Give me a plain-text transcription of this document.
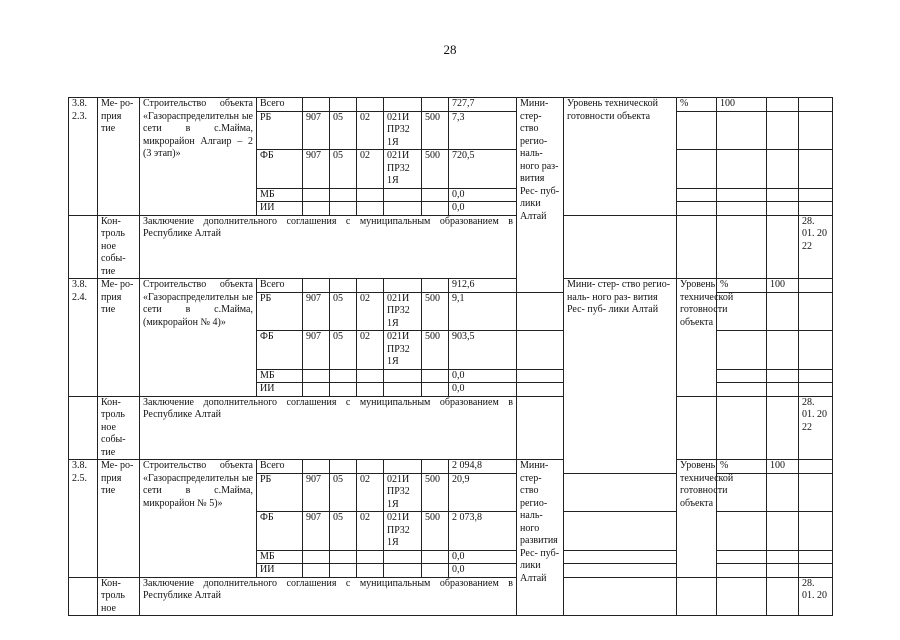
28
3.8. 2.3.	Ме- ро- прия тие	Строительство объекта «Газораспределительн ые сети в с.Майма, микрорайон Алгаир – 2 (3 этап)»	Всего						727,7	Мини- стер- ство регио- наль- ного раз- вития Рес- пуб- лики Алтай	Уровень технической готовности объекта	%	100			
			РБ	907	05	02	021И ПР32 1Я	500	7,3							
			ФБ	907	05	02	021И ПР32 1Я	500	720,5							
			МБ						0,0							
			ИИ						0,0							
	Кон- троль ное собы- тие	Заключение дополнительного соглашения с муниципальным образованием в Республике Алтай													28. 01. 20 22	
3.8. 2.4.	Ме- ро- прия тие	Строительство объекта «Газораспределительн ые сети в с.Майма, (микрорайон № 4)»	Всего						912,6		Мини- стер- ство регио- наль- ного раз- вития Рес- пуб- лики Алтай	Уровень технической готовности объекта	%	100		
			РБ	907	05	02	021И ПР32 1Я	500	9,1							
			ФБ	907	05	02	021И ПР32 1Я	500	903,5							
			МБ						0,0							
			ИИ						0,0							
	Кон- троль ное собы- тие	Заключение дополнительного соглашения с муниципальным образованием в Республике Алтай													28. 01. 20 22	
3.8. 2.5.	Ме- ро- прия тие	Строительство объекта «Газораспределительн ые сети в с.Майма, микрорайон № 5)»	Всего						2 094,8	Мини- стер- ство регио- наль- ного развития Рес- пуб- лики Алтай		Уровень технической готовности объекта	%	100		
			РБ	907	05	02	021И ПР32 1Я	500	20,9							
			ФБ	907	05	02	021И ПР32 1Я	500	2 073,8							
			МБ						0,0							
			ИИ						0,0							
	Кон- троль ное	Заключение дополнительного соглашения с муниципальным образованием в Республике Алтай													28. 01. 20	
